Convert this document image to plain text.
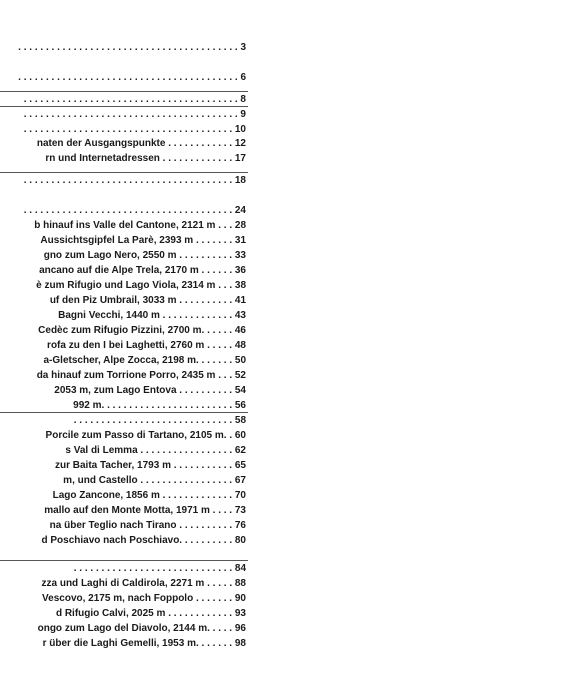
. . . . . . . . . . . . . . . . . . . . . . . . . . . . . . . . . . . . . . . . 3
. . . . . . . . . . . . . . . . . . . . . . . . . . . . . . . . . . . . . . . . 6
. . . . . . . . . . . . . . . . . . . . . . . . . . . . . . . . . . . . . . . 8
. . . . . . . . . . . . . . . . . . . . . . . . . . . . . . . . . . . . . . . 9
. . . . . . . . . . . . . . . . . . . . . . . . . . . . . . . . . . . . . . 10
naten der Ausgangspunkte . . . . . . . . . . . . 12
rn und Internetadressen . . . . . . . . . . . . . 17
. . . . . . . . . . . . . . . . . . . . . . . . . . . . . . . . . . . . . . 18
. . . . . . . . . . . . . . . . . . . . . . . . . . . . . . . . . . . . . . 24
b hinauf ins Valle del Cantone, 2121 m . . . 28
Aussichtsgipfel La Parè, 2393 m . . . . . . . 31
gno zum Lago Nero, 2550 m . . . . . . . . . . 33
ancano auf die Alpe Trela, 2170 m . . . . . . 36
è zum Rifugio und Lago Viola, 2314 m . . . 38
uf den Piz Umbrail, 3033 m . . . . . . . . . . 41
Bagni Vecchi, 1440 m . . . . . . . . . . . . . 43
Cedèc zum Rifugio Pizzini, 2700 m. . . . . . 46
rofa zu den I bei Laghetti, 2760 m . . . . . 48
a-Gletscher, Alpe Zocca, 2198 m. . . . . . . 50
da hinauf zum Torrione Porro, 2435 m . . . 52
2053 m, zum Lago Entova . . . . . . . . . . 54
992 m. . . . . . . . . . . . . . . . . . . . . . . . 56
. . . . . . . . . . . . . . . . . . . . . . . . . . . . . 58
Porcile zum Passo di Tartano, 2105 m. . 60
s Val di Lemma . . . . . . . . . . . . . . . . . 62
zur Baita Tacher, 1793 m . . . . . . . . . . . 65
m, und Castello . . . . . . . . . . . . . . . . . 67
Lago Zancone, 1856 m . . . . . . . . . . . . . 70
mallo auf den Monte Motta, 1971 m . . . . 73
na über Teglio nach Tirano . . . . . . . . . . 76
d Poschiavo nach Poschiavo. . . . . . . . . . 80
. . . . . . . . . . . . . . . . . . . . . . . . . . . . . 84
zza und Laghi di Caldirola, 2271 m . . . . . 88
Vescovo, 2175 m, nach Foppolo . . . . . . . 90
d Rifugio Calvi, 2025 m . . . . . . . . . . . . 93
ongo zum Lago del Diavolo, 2144 m. . . . . 96
r über die Laghi Gemelli, 1953 m. . . . . . . 98
